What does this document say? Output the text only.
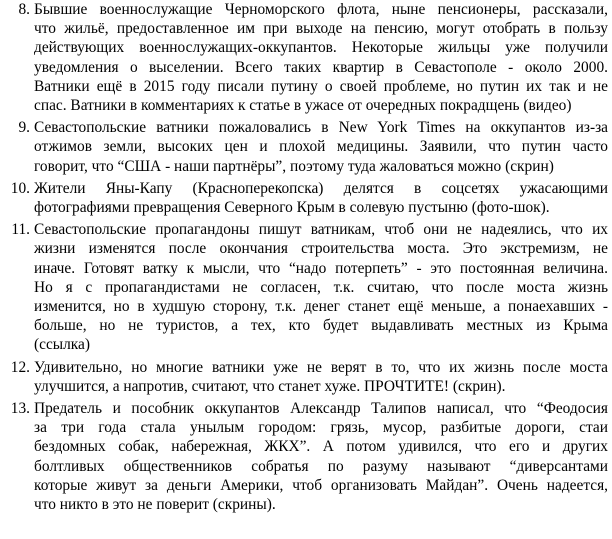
8. Бывшие военнослужащие Черноморского флота, ныне пенсионеры, рассказали,
что жильё, предоставленное им при выходе на пенсию, могут отобрать в пользу
действующих военнослужащих-оккупантов. Некоторые жильцы уже получили
уведомления о выселении. Всего таких квартир в Севастополе - около 2000.
Ватники ещё в 2015 году писали путину о своей проблеме, но путин их так и не
спас. Ватники в комментариях к статье в ужасе от очередных покрадщень (видео)
9. Севастопольские ватники пожаловались в New York Times на оккупантов из-за
отжимов земли, высоких цен и плохой медицины. Заявили, что путин часто
говорит, что “США - наши партнёры”, поэтому туда жаловаться можно (скрин)
10. Жители Яны-Капу (Красноперекопска) делятся в соцсетях ужасающими
фотографиями превращения Северного Крым в солевую пустыню (фото-шок).
11. Севастопольские пропагандоны пишут ватникам, чтоб они не надеялись, что их
жизни изменятся после окончания строительства моста. Это экстремизм, не
иначе. Готовят ватку к мысли, что “надо потерпеть” - это постоянная величина.
Но я с пропагандистами не согласен, т.к. считаю, что после моста жизнь
изменится, но в худшую сторону, т.к. денег станет ещё меньше, а понаехавших -
больше, но не туристов, а тех, кто будет выдавливать местных из Крыма
(ссылка)
12. Удивительно, но многие ватники уже не верят в то, что их жизнь после моста
улучшится, а напротив, считают, что станет хуже. ПРОЧТИТЕ! (скрин).
13. Предатель и пособник оккупантов Александр Талипов написал, что “Феодосия
за три года стала унылым городом: грязь, мусор, разбитые дороги, стаи
бездомных собак, набережная, ЖКХ”. А потом удивился, что его и других
болтливых общественников собратья по разуму называют “диверсантами
которые живут за деньги Америки, чтоб организовать Майдан”. Очень надеется,
что никто в это не поверит (скрины).
